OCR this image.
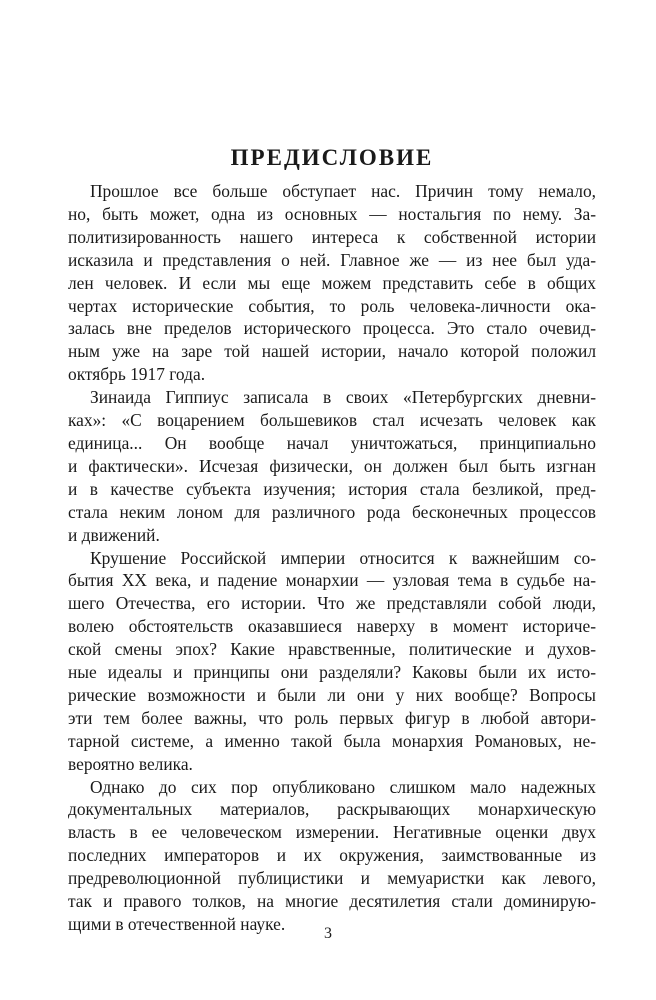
ПРЕДИСЛОВИЕ
Прошлое все больше обступает нас. Причин тому немало,
но, быть может, одна из основных — ностальгия по нему. За-
политизированность нашего интереса к собственной истории
исказила и представления о ней. Главное же — из нее был уда-
лен человек. И если мы еще можем представить себе в общих
чертах исторические события, то роль человека-личности ока-
залась вне пределов исторического процесса. Это стало очевид-
ным уже на заре той нашей истории, начало которой положил
октябрь 1917 года.
Зинаида Гиппиус записала в своих «Петербургских дневни-
ках»: «С воцарением большевиков стал исчезать человек как
единица... Он вообще начал уничтожаться, принципиально
и фактически». Исчезая физически, он должен был быть изгнан
и в качестве субъекта изучения; история стала безликой, пред-
стала неким лоном для различного рода бесконечных процессов
и движений.
Крушение Российской империи относится к важнейшим со-
бытия XX века, и падение монархии — узловая тема в судьбе на-
шего Отечества, его истории. Что же представляли собой люди,
волею обстоятельств оказавшиеся наверху в момент историче-
ской смены эпох? Какие нравственные, политические и духов-
ные идеалы и принципы они разделяли? Каковы были их исто-
рические возможности и были ли они у них вообще? Вопросы
эти тем более важны, что роль первых фигур в любой автори-
тарной системе, а именно такой была монархия Романовых, не-
вероятно велика.
Однако до сих пор опубликовано слишком мало надежных
документальных материалов, раскрывающих монархическую
власть в ее человеческом измерении. Негативные оценки двух
последних императоров и их окружения, заимствованные из
предреволюционной публицистики и мемуаристки как левого,
так и правого толков, на многие десятилетия стали доминирую-
щими в отечественной науке.	3
